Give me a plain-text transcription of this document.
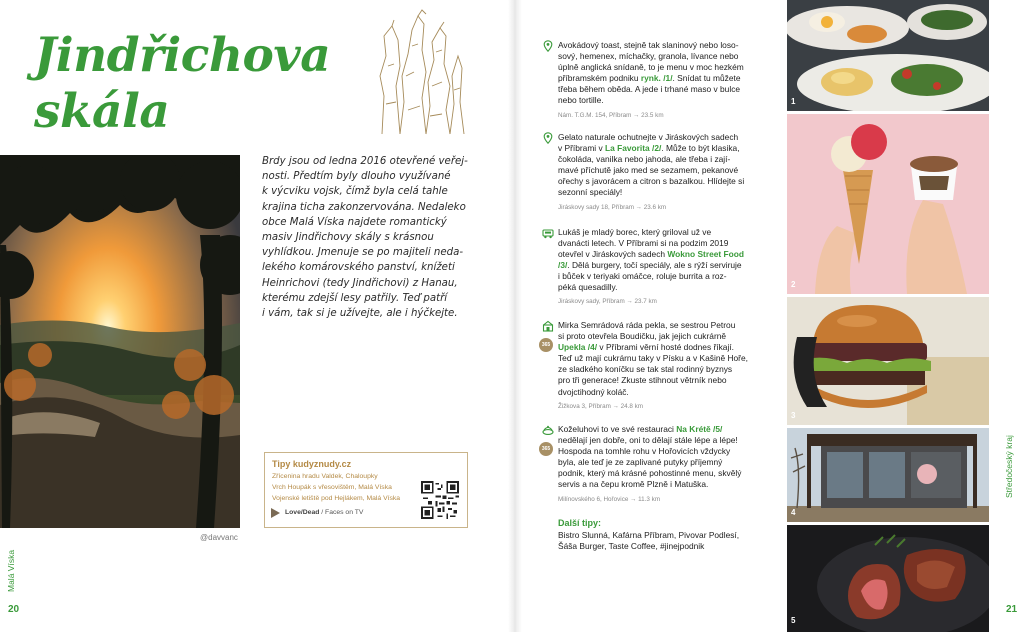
Jindřichova
skála
@davvanc
Brdy jsou od ledna 2016 otevřené veřej-
nosti. Předtím byly dlouho využívané
k výcviku vojsk, čímž byla celá tahle
krajina ticha zakonzervována. Nedaleko
obce Malá Víska najdete romantický
masiv Jindřichovy skály s krásnou
vyhlídkou. Jmenuje se po majiteli neda-
lekého komárovského panství, knížeti
Heinrichovi (tedy Jindřichovi) z Hanau,
kterému zdejší lesy patřily. Teď patří
i vám, tak si je užívejte, ale i hýčkejte.
Tipy kudyznudy.cz
Zřícenina hradu Valdek, Chaloupky
Vrch Houpák s vřesovištěm, Malá Víska
Vojenské letiště pod Hejlákem, Malá Víska
Love/Dead / Faces on TV
Malá Víska
20
Avokádový toast, stejně tak slaninový nebo loso-
sový, hemenex, míchačky, granola, lívance nebo
úplně anglická snídaně, to je menu v moc hezkém
příbramském podniku rynk. /1/. Snídat tu můžete
třeba během oběda. A jede i trhané maso v bulce
nebo tortille.
Nám. T.G.M. 154, Příbram → 23.5 km
Gelato naturale ochutnejte v Jiráskových sadech
v Příbrami v La Favorita /2/. Může to být klasika,
čokoláda, vanilka nebo jahoda, ale třeba i zají-
mavé příchutě jako med se sezamem, pekanové
ořechy s javorácem a citron s bazalkou. Hlídejte si
sezonní speciály!
Jiráskovy sady 18, Příbram → 23.6 km
Lukáš je mladý borec, který griloval už ve
dvanácti letech. V Příbrami si na podzim 2019
otevřel v Jiráskových sadech Wokno Street Food
/3/. Dělá burgery, točí speciály, ale s rýží serviruje
i bůček v teriyaki omáčce, roluje burrita a roz-
péká quesadilly.
Jiráskovy sady, Příbram → 23.7 km
365
Mirka Semrádová ráda pekla, se sestrou Petrou
si proto otevřela Boudičku, jak jejich cukrárně
Upekla /4/ v Příbrami věrní hosté dodnes říkají.
Teď už mají cukrárnu taky v Písku a v Kašině Hoře,
ze sladkého koníčku se tak stal rodinný byznys
pro tři generace! Zkuste stihnout větrník nebo
dvojctihodný koláč.
Žižkova 3, Příbram → 24.8 km
365
Koželuhovi to ve své restauraci Na Krétě /5/
nedělají jen dobře, oni to dělají stále lépe a lépe!
Hospoda na tomhle rohu v Hořovicích vždycky
byla, ale teď je ze zaplivané putyky příjemný
podnik, který má krásné pohostinné menu, skvělý
servis a na čepu kromě Plzně i Matuška.
Milínovského 6, Hořovice → 11.3 km
Další tipy:
Bistro Slunná, Kafárna Příbram, Pivovar Podlesí,
Šáša Burger, Taste Coffee, #jinejpodnik
1
2
3
4
5
Středočeský kraj
21
